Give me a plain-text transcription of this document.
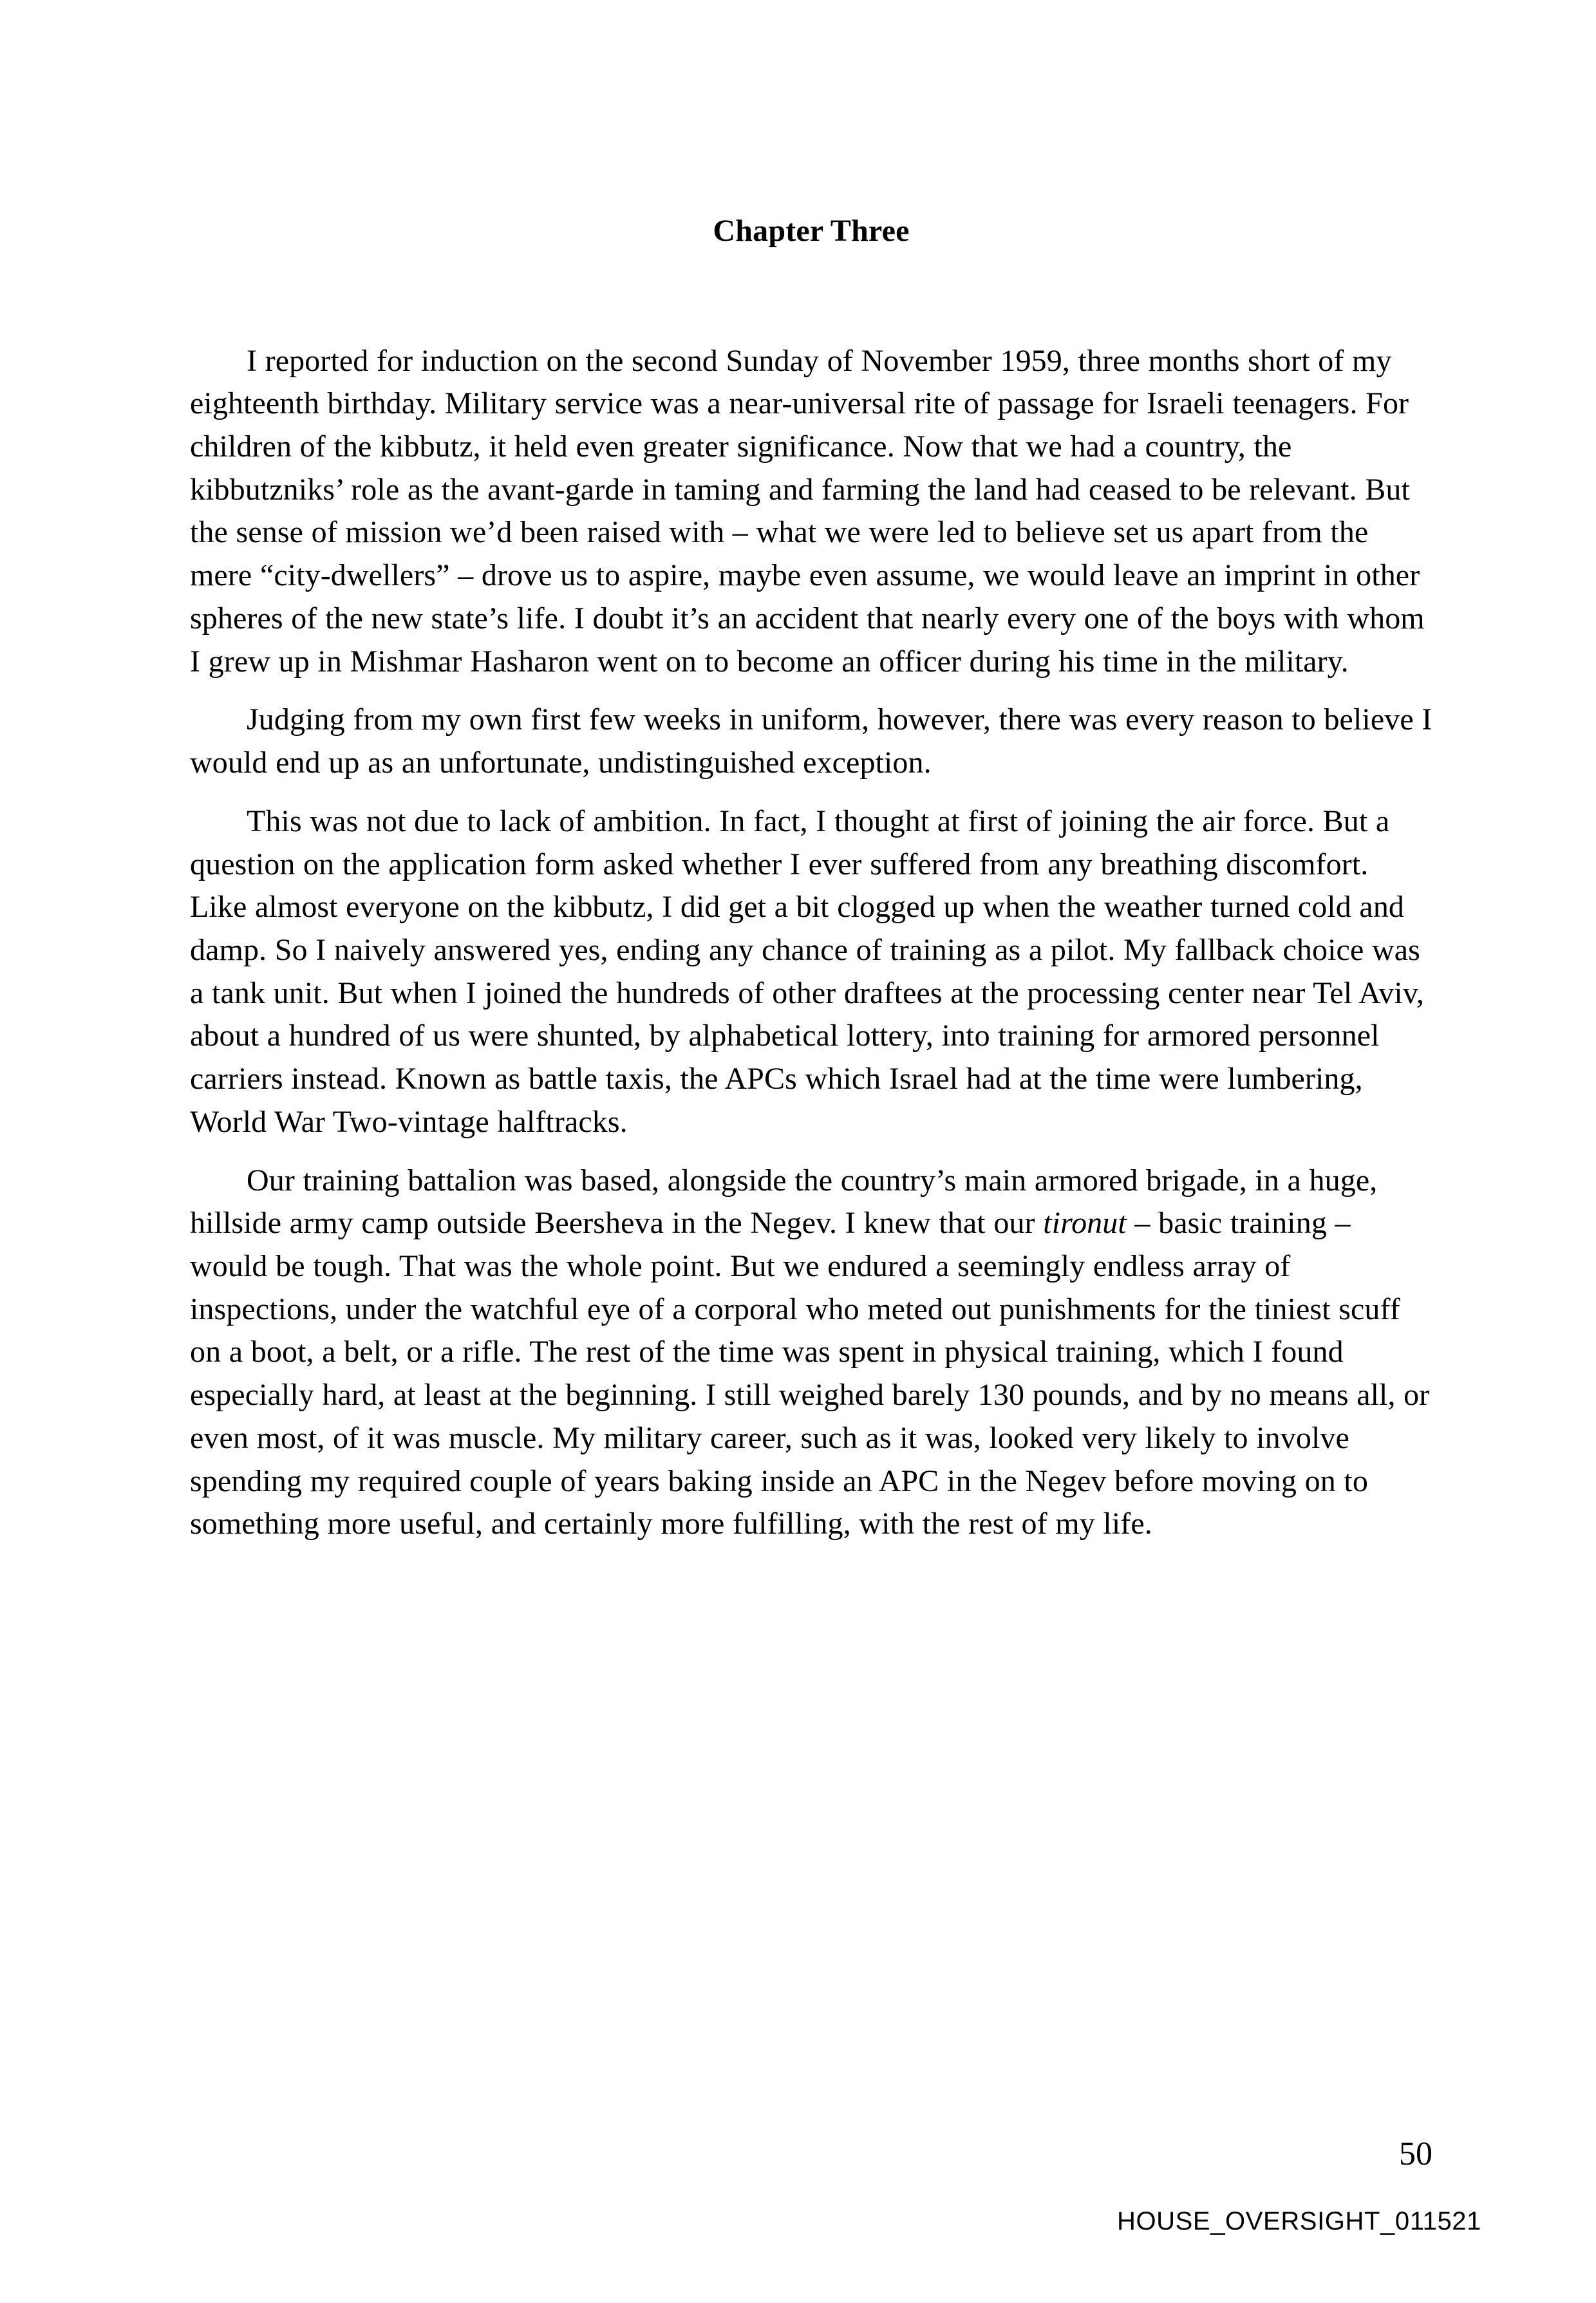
Chapter Three

I reported for induction on the second Sunday of November 1959, three months short of my eighteenth birthday. Military service was a near-universal rite of passage for Israeli teenagers. For children of the kibbutz, it held even greater significance. Now that we had a country, the kibbutzniks’ role as the avant-garde in taming and farming the land had ceased to be relevant. But the sense of mission we’d been raised with – what we were led to believe set us apart from the mere “city-dwellers” – drove us to aspire, maybe even assume, we would leave an imprint in other spheres of the new state’s life. I doubt it’s an accident that nearly every one of the boys with whom I grew up in Mishmar Hasharon went on to become an officer during his time in the military.

Judging from my own first few weeks in uniform, however, there was every reason to believe I would end up as an unfortunate, undistinguished exception.

This was not due to lack of ambition. In fact, I thought at first of joining the air force. But a question on the application form asked whether I ever suffered from any breathing discomfort. Like almost everyone on the kibbutz, I did get a bit clogged up when the weather turned cold and damp. So I naively answered yes, ending any chance of training as a pilot. My fallback choice was a tank unit. But when I joined the hundreds of other draftees at the processing center near Tel Aviv, about a hundred of us were shunted, by alphabetical lottery, into training for armored personnel carriers instead. Known as battle taxis, the APCs which Israel had at the time were lumbering, World War Two-vintage halftracks.

Our training battalion was based, alongside the country’s main armored brigade, in a huge, hillside army camp outside Beersheva in the Negev. I knew that our tironut – basic training – would be tough. That was the whole point. But we endured a seemingly endless array of inspections, under the watchful eye of a corporal who meted out punishments for the tiniest scuff on a boot, a belt, or a rifle. The rest of the time was spent in physical training, which I found especially hard, at least at the beginning. I still weighed barely 130 pounds, and by no means all, or even most, of it was muscle. My military career, such as it was, looked very likely to involve spending my required couple of years baking inside an APC in the Negev before moving on to something more useful, and certainly more fulfilling, with the rest of my life.

50
HOUSE_OVERSIGHT_011521
